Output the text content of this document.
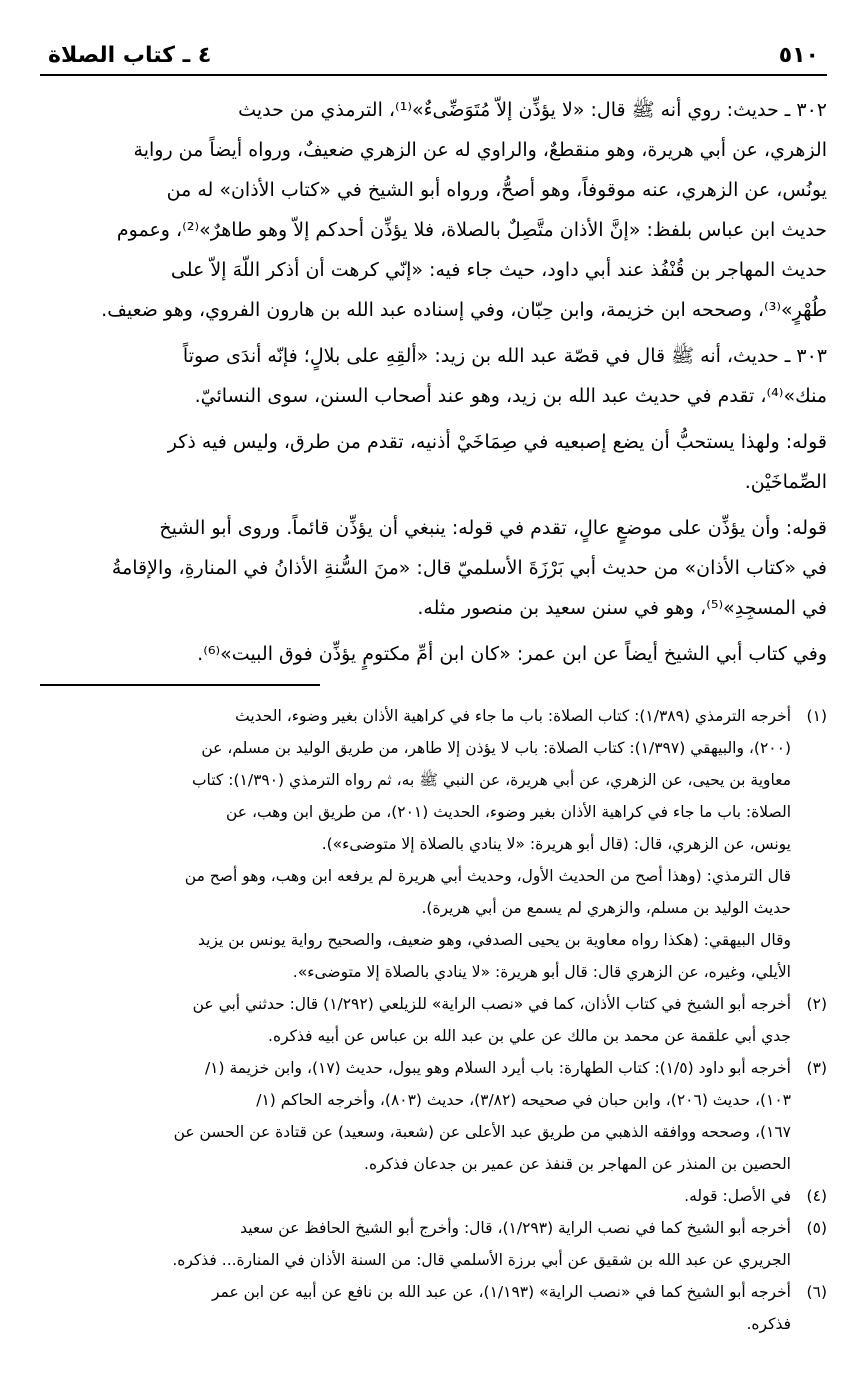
٥١٠
٤ ـ كتاب الصلاة

٣٠٢ ـ حديث: روي أنه ﷺ قال: «لا يؤذِّن إلاّ مُتَوَضِّىءٌ»⁽¹⁾، الترمذي من حديث
الزهري، عن أبي هريرة، وهو منقطعٌ، والراوي له عن الزهري ضعيفٌ، ورواه أيضاً من رواية
يونُس، عن الزهري، عنه موقوفاً، وهو أصحُّ، ورواه أبو الشيخ في «كتاب الأذان» له من
حديث ابن عباس بلفظ: «إنَّ الأذان متَّصِلٌ بالصلاة، فلا يؤذِّن أحدكم إلاّ وهو طاهرٌ»⁽²⁾، وعموم
حديث المهاجر بن قُنْفُذ عند أبي داود، حيث جاء فيه: «إنّي كرهت أن أذكر اللّهَ إلاّ على
طُهْرٍ»⁽³⁾، وصححه ابن خزيمة، وابن حِبّان، وفي إسناده عبد الله بن هارون الفروي، وهو ضعيف.

٣٠٣ ـ حديث، أنه ﷺ قال في قصّة عبد الله بن زيد: «ألقِهِ على بلالٍ؛ فإنّه أندَى صوتاً
منك»⁽⁴⁾، تقدم في حديث عبد الله بن زيد، وهو عند أصحاب السنن، سوى النسائيّ.

قوله: ولهذا يستحبُّ أن يضع إصبعيه في صِمَاخَيْ أذنيه، تقدم من طرق، وليس فيه ذكر
الصِّماخَيْن.

قوله: وأن يؤذِّن على موضعٍ عالٍ، تقدم في قوله: ينبغي أن يؤذِّن قائماً. وروى أبو الشيخ
في «كتاب الأذان» من حديث أبي بَرْزَةَ الأسلميّ قال: «منَ السُّنةِ الأذانُ في المنارةِ، والإقامةُ
في المسجِدِ»⁽⁵⁾، وهو في سنن سعيد بن منصور مثله.

وفي كتاب أبي الشيخ أيضاً عن ابن عمر: «كان ابن أمِّ مكتومٍ يؤذِّن فوق البيت»⁽⁶⁾.

(١)
أخرجه الترمذي (١/٣٨٩): كتاب الصلاة: باب ما جاء في كراهية الأذان بغير وضوء، الحديث
(٢٠٠)، والبيهقي (١/٣٩٧): كتاب الصلاة: باب لا يؤذن إلا طاهر، من طريق الوليد بن مسلم، عن
معاوية بن يحيى، عن الزهري، عن أبي هريرة، عن النبي ﷺ به، ثم رواه الترمذي (١/٣٩٠): كتاب
الصلاة: باب ما جاء في كراهية الأذان بغير وضوء، الحديث (٢٠١)، من طريق ابن وهب، عن
يونس، عن الزهري، قال: (قال أبو هريرة: «لا ينادي بالصلاة إلا متوضىء»).
قال الترمذي: (وهذا أصح من الحديث الأول، وحديث أبي هريرة لم يرفعه ابن وهب، وهو أصح من
حديث الوليد بن مسلم، والزهري لم يسمع من أبي هريرة).
وقال البيهقي: (هكذا رواه معاوية بن يحيى الصدفي، وهو ضعيف، والصحيح رواية يونس بن يزيد
الأيلي، وغيره، عن الزهري قال: قال أبو هريرة: «لا ينادي بالصلاة إلا متوضىء».
(٢)
أخرجه أبو الشيخ في كتاب الأذان، كما في «نصب الراية» للزيلعي (١/٢٩٢) قال: حدثني أبي عن
جدي أبي علقمة عن محمد بن مالك عن علي بن عبد الله بن عباس عن أبيه فذكره.
(٣)
أخرجه أبو داود (١/٥): كتاب الطهارة: باب أيرد السلام وهو يبول، حديث (١٧)، وابن خزيمة (١/
١٠٣)، حديث (٢٠٦)، وابن حبان في صحيحه (٣/٨٢)، حديث (٨٠٣)، وأخرجه الحاكم (١/
١٦٧)، وصححه ووافقه الذهبي من طريق عبد الأعلى عن (شعبة، وسعيد) عن قتادة عن الحسن عن
الحصين بن المنذر عن المهاجر بن قنفذ عن عمير بن جدعان فذكره.
(٤)
في الأصل: قوله.
(٥)
أخرجه أبو الشيخ كما في نصب الراية (١/٢٩٣)، قال: وأخرج أبو الشيخ الحافظ عن سعيد
الجريري عن عبد الله بن شقيق عن أبي برزة الأسلمي قال: من السنة الأذان في المنارة... فذكره.
(٦)
أخرجه أبو الشيخ كما في «نصب الراية» (١/١٩٣)، عن عبد الله بن نافع عن أبيه عن ابن عمر
فذكره.
